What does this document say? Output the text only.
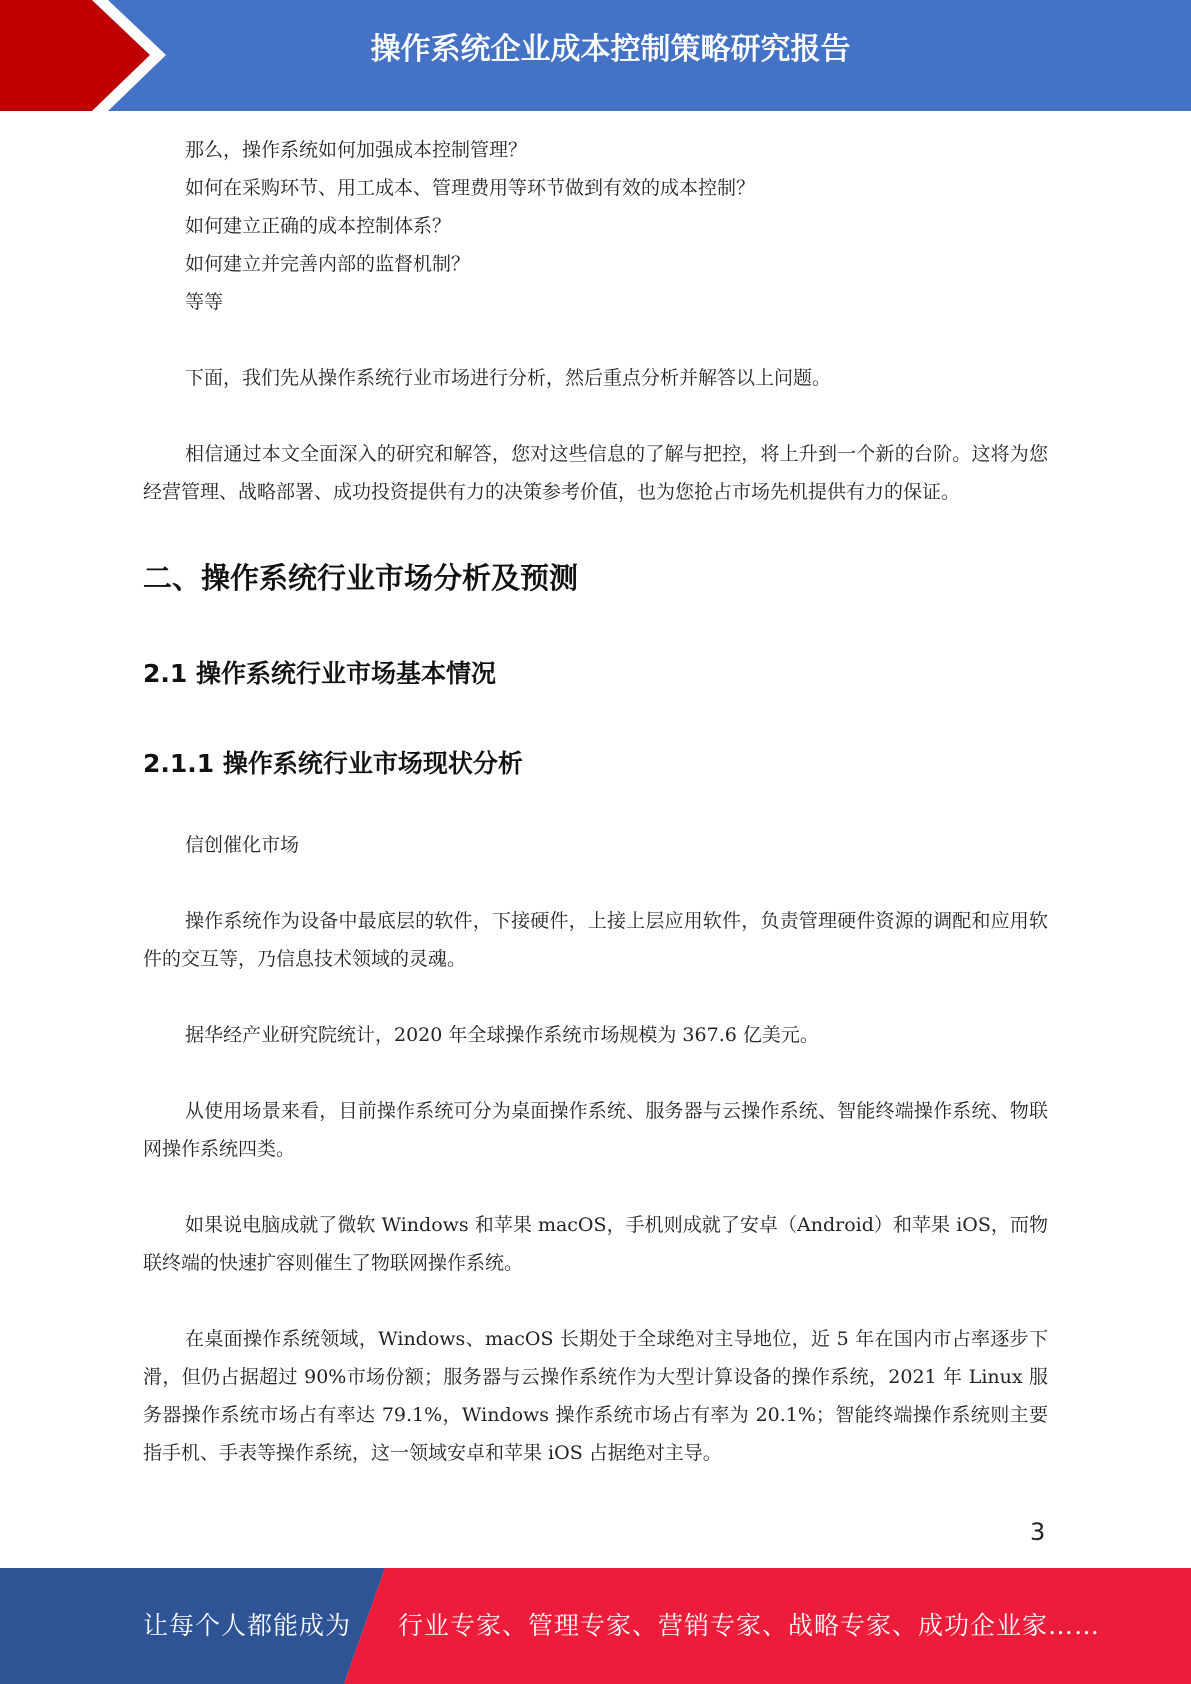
操作系统企业成本控制策略研究报告

那么，操作系统如何加强成本控制管理？

如何在采购环节、用工成本、管理费用等环节做到有效的成本控制？

如何建立正确的成本控制体系？

如何建立并完善内部的监督机制？

等等

下面，我们先从操作系统行业市场进行分析，然后重点分析并解答以上问题。

相信通过本文全面深入的研究和解答，您对这些信息的了解与把控，将上升到一个新的台阶。这将为您经营管理、战略部署、成功投资提供有力的决策参考价值，也为您抢占市场先机提供有力的保证。

二、操作系统行业市场分析及预测
2.1 操作系统行业市场基本情况
2.1.1 操作系统行业市场现状分析

信创催化市场

操作系统作为设备中最底层的软件，下接硬件，上接上层应用软件，负责管理硬件资源的调配和应用软件的交互等，乃信息技术领域的灵魂。

据华经产业研究院统计，2020 年全球操作系统市场规模为 367.6 亿美元。

从使用场景来看，目前操作系统可分为桌面操作系统、服务器与云操作系统、智能终端操作系统、物联网操作系统四类。

如果说电脑成就了微软 Windows 和苹果 macOS，手机则成就了安卓（Android）和苹果 iOS，而物联终端的快速扩容则催生了物联网操作系统。

在桌面操作系统领域，Windows、macOS 长期处于全球绝对主导地位，近 5 年在国内市占率逐步下滑，但仍占据超过 90%市场份额；服务器与云操作系统作为大型计算设备的操作系统，2021 年 Linux 服务器操作系统市场占有率达 79.1%，Windows 操作系统市场占有率为 20.1%；智能终端操作系统则主要指手机、手表等操作系统，这一领域安卓和苹果 iOS 占据绝对主导。

3
让每个人都能成为 行业专家、管理专家、营销专家、战略专家、成功企业家……
